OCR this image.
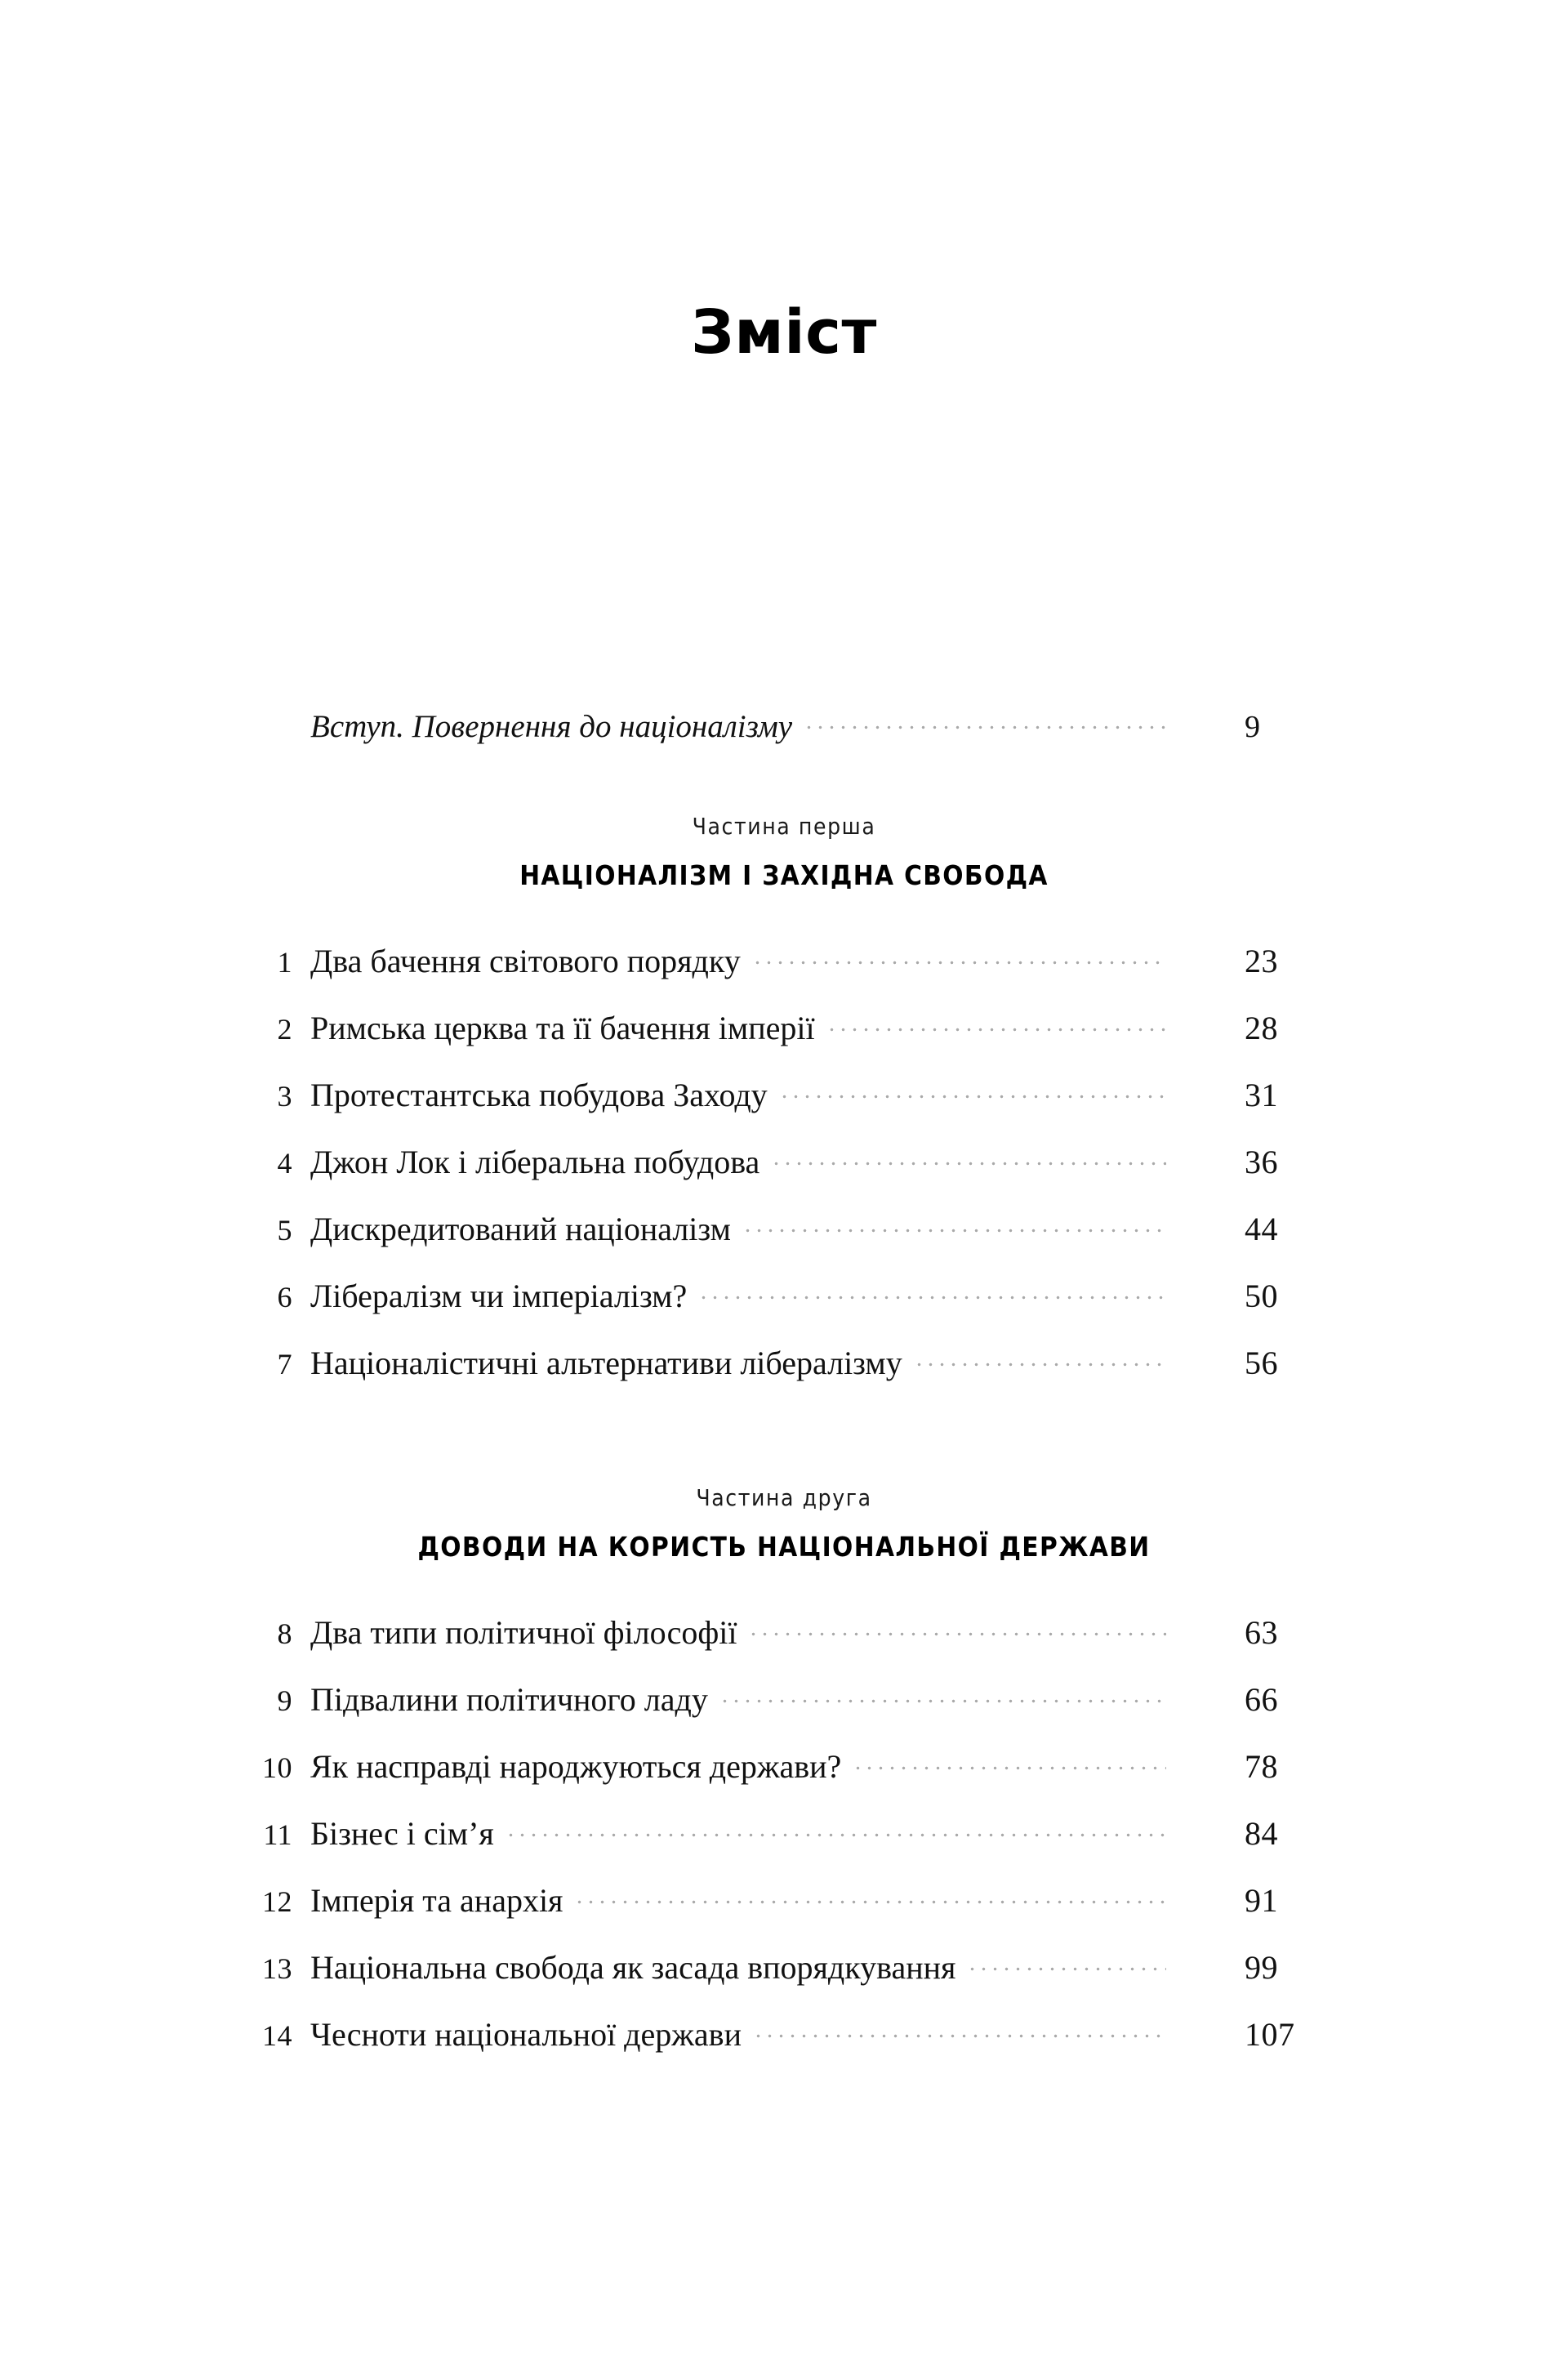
Зміст
Вступ. Повернення до націоналізму	9
Частина перша
НАЦІОНАЛІЗМ І ЗАХІДНА СВОБОДА
1 Два бачення світового порядку	23
2 Римська церква та її бачення імперії	28
3 Протестантська побудова Заходу	31
4 Джон Лок і ліберальна побудова	36
5 Дискредитований націоналізм	44
6 Лібералізм чи імперіалізм?	50
7 Націоналістичні альтернативи лібералізму	56
Частина друга
ДОВОДИ НА КОРИСТЬ НАЦІОНАЛЬНОЇ ДЕРЖАВИ
8 Два типи політичної філософії	63
9 Підвалини політичного ладу	66
10 Як насправді народжуються держави?	78
11 Бізнес і сім’я	84
12 Імперія та анархія	91
13 Національна свобода як засада впорядкування	99
14 Чесноти національної держави	107
